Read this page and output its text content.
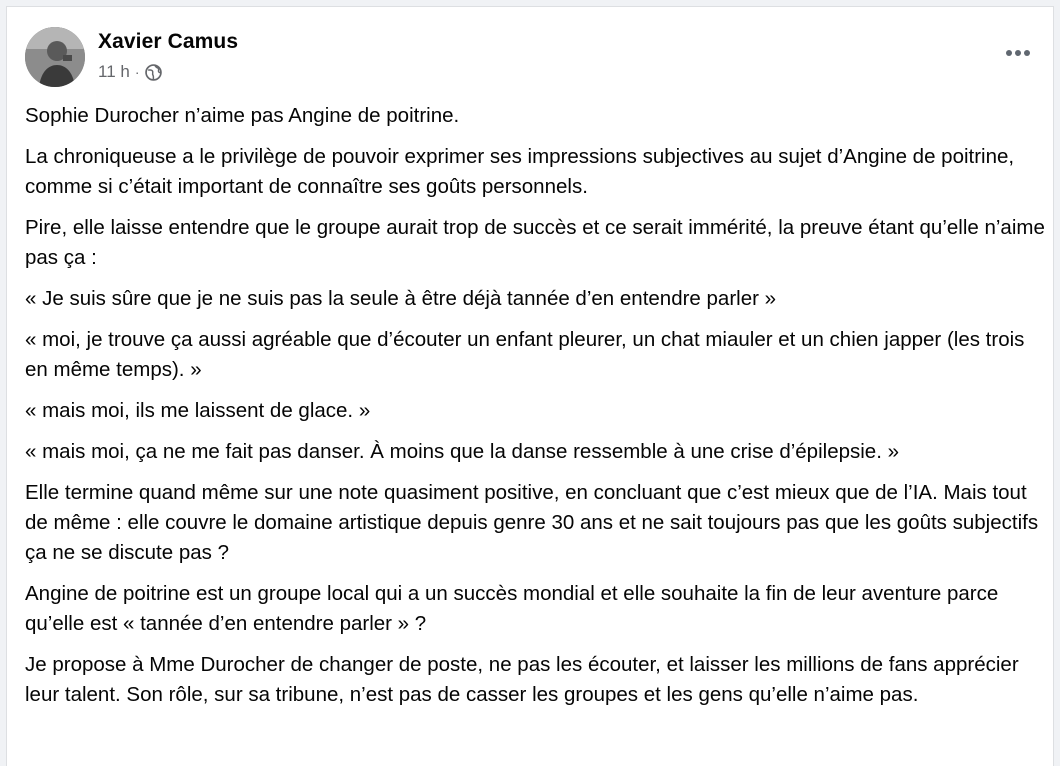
Xavier Camus
11 h ·

Sophie Durocher n’aime pas Angine de poitrine.

La chroniqueuse a le privilège de pouvoir exprimer ses impressions subjectives au sujet d’Angine de poitrine, comme si c’était important de connaître ses goûts personnels.

Pire, elle laisse entendre que le groupe aurait trop de succès et ce serait immérité, la preuve étant qu’elle n’aime pas ça :

« Je suis sûre que je ne suis pas la seule à être déjà tannée d’en entendre parler »

« moi, je trouve ça aussi agréable que d’écouter un enfant pleurer, un chat miauler et un chien japper (les trois en même temps). »

« mais moi, ils me laissent de glace. »

« mais moi, ça ne me fait pas danser. À moins que la danse ressemble à une crise d’épilepsie. »

Elle termine quand même sur une note quasiment positive, en concluant que c’est mieux que de l’IA. Mais tout de même : elle couvre le domaine artistique depuis genre 30 ans et ne sait toujours pas que les goûts subjectifs ça ne se discute pas ?

Angine de poitrine est un groupe local qui a un succès mondial et elle souhaite la fin de leur aventure parce qu’elle est « tannée d’en entendre parler » ?

Je propose à Mme Durocher de changer de poste, ne pas les écouter, et laisser les millions de fans apprécier leur talent. Son rôle, sur sa tribune, n’est pas de casser les groupes et les gens qu’elle n’aime pas.
